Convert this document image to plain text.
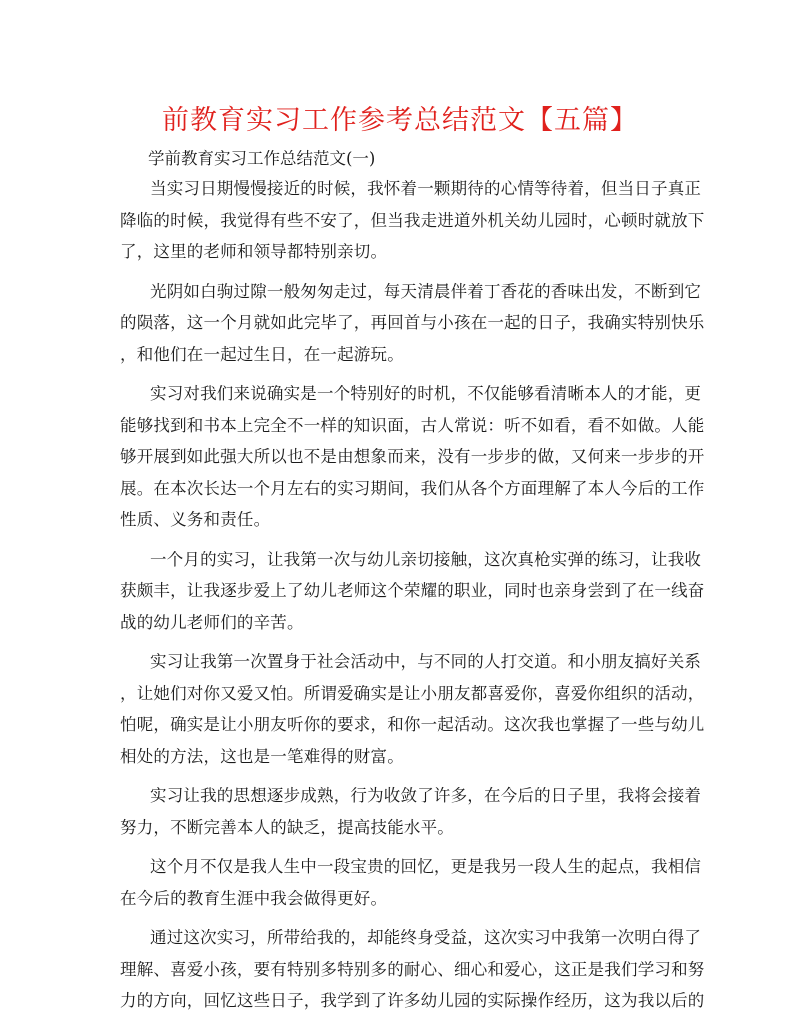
前教育实习工作参考总结范文【五篇】
学前教育实习工作总结范文(一)
当实习日期慢慢接近的时候，我怀着一颗期待的心情等待着，但当日子真正
降临的时候，我觉得有些不安了，但当我走进道外机关幼儿园时，心顿时就放下
了，这里的老师和领导都特别亲切。
光阴如白驹过隙一般匆匆走过，每天清晨伴着丁香花的香味出发，不断到它
的陨落，这一个月就如此完毕了，再回首与小孩在一起的日子，我确实特别快乐
，和他们在一起过生日，在一起游玩。
实习对我们来说确实是一个特别好的时机，不仅能够看清晰本人的才能，更
能够找到和书本上完全不一样的知识面，古人常说：听不如看，看不如做。人能
够开展到如此强大所以也不是由想象而来，没有一步步的做，又何来一步步的开
展。在本次长达一个月左右的实习期间，我们从各个方面理解了本人今后的工作
性质、义务和责任。
一个月的实习，让我第一次与幼儿亲切接触，这次真枪实弹的练习，让我收
获颇丰，让我逐步爱上了幼儿老师这个荣耀的职业，同时也亲身尝到了在一线奋
战的幼儿老师们的辛苦。
实习让我第一次置身于社会活动中，与不同的人打交道。和小朋友搞好关系
，让她们对你又爱又怕。所谓爱确实是让小朋友都喜爱你，喜爱你组织的活动，
怕呢，确实是让小朋友听你的要求，和你一起活动。这次我也掌握了一些与幼儿
相处的方法，这也是一笔难得的财富。
实习让我的思想逐步成熟，行为收敛了许多，在今后的日子里，我将会接着
努力，不断完善本人的缺乏，提高技能水平。
这个月不仅是我人生中一段宝贵的回忆，更是我另一段人生的起点，我相信
在今后的教育生涯中我会做得更好。
通过这次实习，所带给我的，却能终身受益，这次实习中我第一次明白得了
理解、喜爱小孩，要有特别多特别多的耐心、细心和爱心，这正是我们学习和努
力的方向，回忆这些日子，我学到了许多幼儿园的实际操作经历，这为我以后的
